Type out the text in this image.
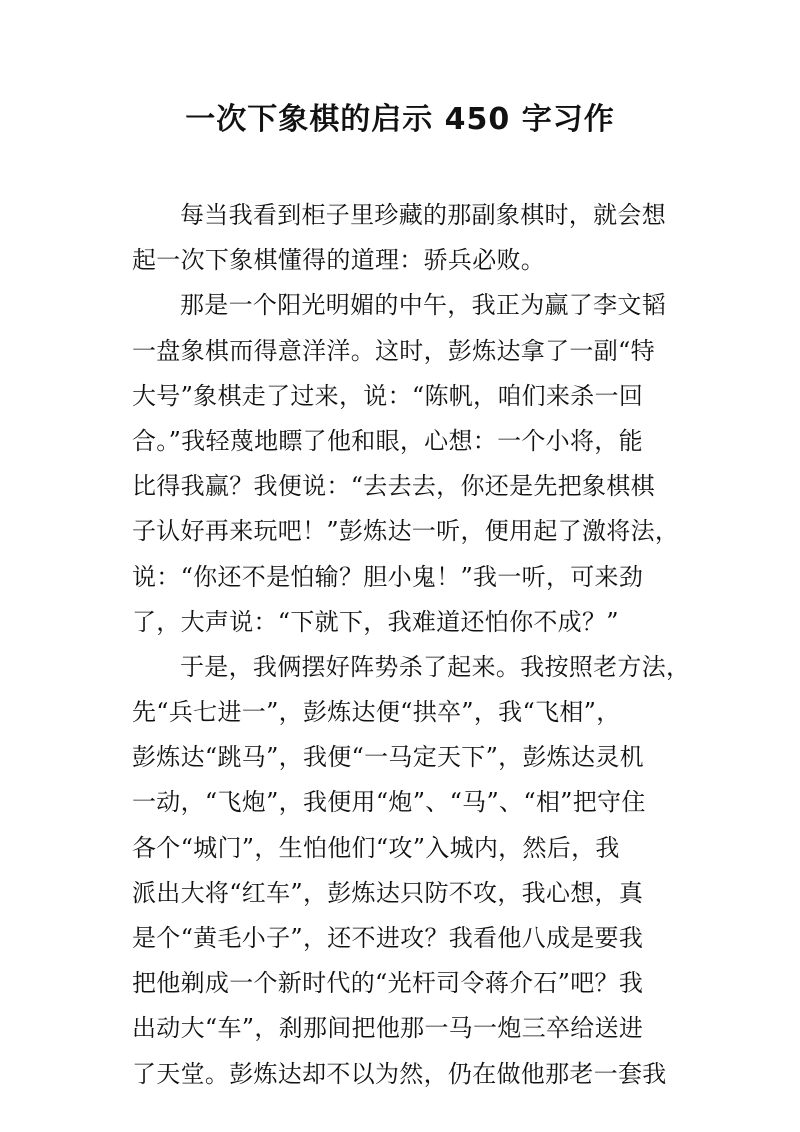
一次下象棋的启示 450 字习作
每当我看到柜子里珍藏的那副象棋时，就会想
起一次下象棋懂得的道理：骄兵必败。
那是一个阳光明媚的中午，我正为赢了李文韬
一盘象棋而得意洋洋。这时，彭炼达拿了一副“特
大号”象棋走了过来，说：“陈帆，咱们来杀一回
合。”我轻蔑地瞟了他和眼，心想：一个小将，能
比得我赢？我便说：“去去去，你还是先把象棋棋
子认好再来玩吧！”彭炼达一听，便用起了激将法，
说：“你还不是怕输？胆小鬼！”我一听，可来劲
了，大声说：“下就下，我难道还怕你不成？”
于是，我俩摆好阵势杀了起来。我按照老方法，
先“兵七进一”，彭炼达便“拱卒”，我“飞相”，
彭炼达“跳马”，我便“一马定天下”，彭炼达灵机
一动，“飞炮”，我便用“炮”、“马”、“相”把守住
各个“城门”，生怕他们“攻”入城内，然后，我
派出大将“红车”，彭炼达只防不攻，我心想，真
是个“黄毛小子”，还不进攻？我看他八成是要我
把他剃成一个新时代的“光杆司令蒋介石”吧？我
出动大“车”，刹那间把他那一马一炮三卒给送进
了天堂。彭炼达却不以为然，仍在做他那老一套我
